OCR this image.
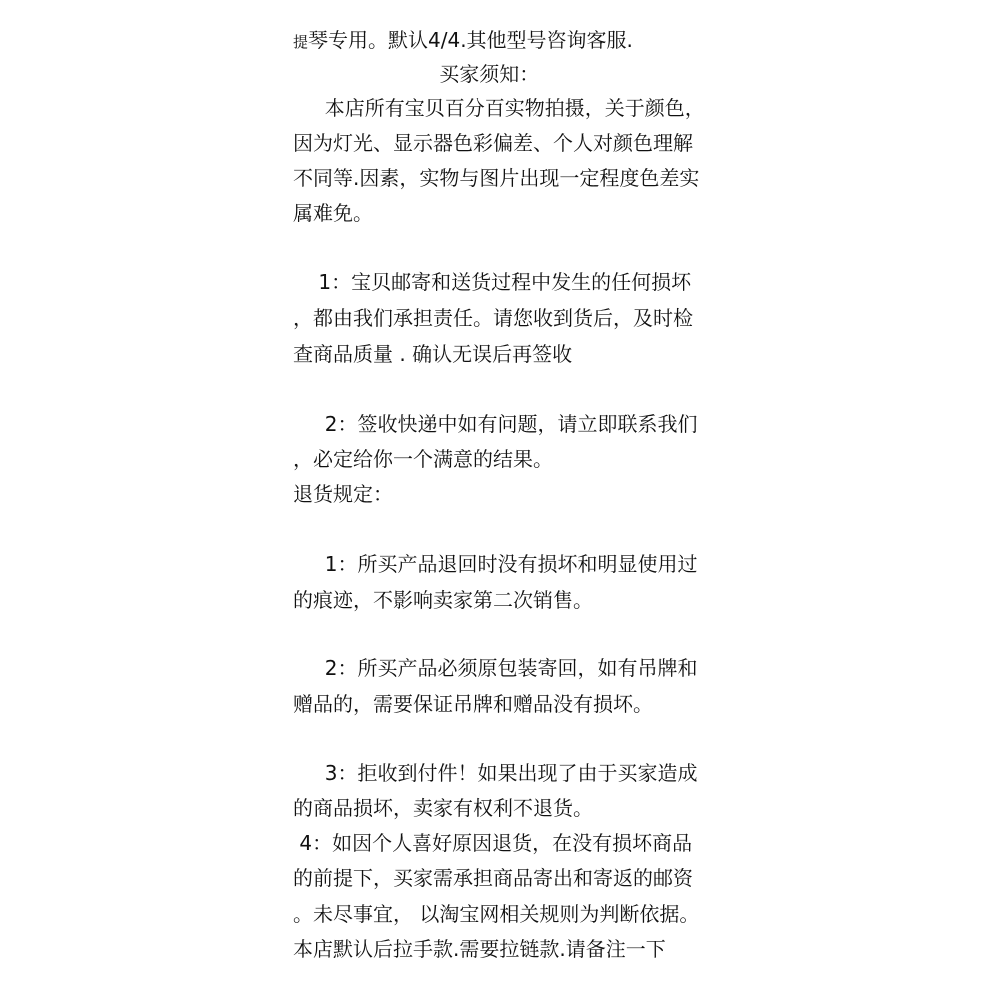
提琴专用。默认4/4.其他型号咨询客服.
买家须知：
本店所有宝贝百分百实物拍摄，关于颜色，
因为灯光、显示器色彩偏差、个人对颜色理解
不同等.因素，实物与图片出现一定程度色差实
属难免。
1：宝贝邮寄和送货过程中发生的任何损坏
，都由我们承担责任。请您收到货后，及时检
查商品质量 . 确认无误后再签收
2：签收快递中如有问题，请立即联系我们
，必定给你一个满意的结果。
退货规定：
1：所买产品退回时没有损坏和明显使用过
的痕迹，不影响卖家第二次销售。
2：所买产品必须原包装寄回，如有吊牌和
赠品的，需要保证吊牌和赠品没有损坏。
3：拒收到付件！如果出现了由于买家造成
的商品损坏，卖家有权利不退货。
4：如因个人喜好原因退货，在没有损坏商品
的前提下，买家需承担商品寄出和寄返的邮资
。未尽事宜， 以淘宝网相关规则为判断依据。
本店默认后拉手款.需要拉链款.请备注一下
